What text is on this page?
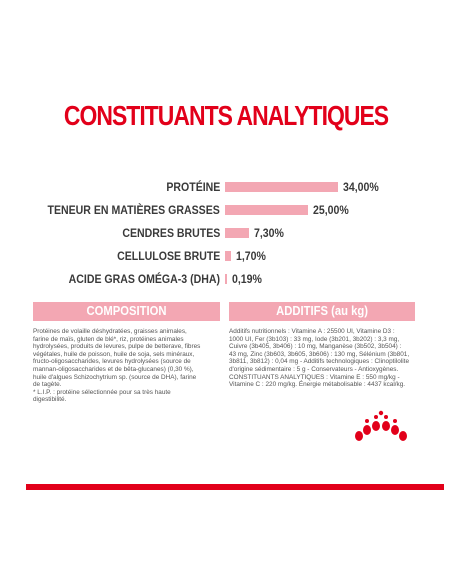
CONSTITUANTS ANALYTIQUES
PROTÉINE	34,00%
TENEUR EN MATIÈRES GRASSES	25,00%
CENDRES BRUTES	7,30%
CELLULOSE BRUTE 1,70%
ACIDE GRAS OMÉGA-3 (DHA) 0,19%
COMPOSITION	ADDITIFS (au kg)

Protéines de volaille déshydratées, graisses animales,

farine de maïs, gluten de blé*, riz, protéines animales

hydrolysées, produits de levures, pulpe de betterave, fibres

végétales, huile de poisson, huile de soja, sels minéraux,

fructo-oligosaccharides, levures hydrolysées (source de

mannan-oligosaccharides et de bêta-glucanes) (0,30 %),

huile d'algues Schizochytrium sp. (source de DHA), farine

de tagète.

* L.I.P. : protéine sélectionnée pour sa très haute

digestibilité.

Additifs nutritionnels : Vitamine A : 25500 UI, Vitamine D3 :

1000 UI, Fer (3b103) : 33 mg, Iode (3b201, 3b202) : 3,3 mg,

Cuivre (3b405, 3b406) : 10 mg, Manganèse (3b502, 3b504) :

43 mg, Zinc (3b603, 3b605, 3b606) : 130 mg, Sélénium (3b801,

3b811, 3b812) : 0,04 mg - Additifs technologiques : Clinoptilolite

d'origine sédimentaire : 5 g - Conservateurs - Antioxygènes.

CONSTITUANTS ANALYTIQUES : Vitamine E : 550 mg/kg -

Vitamine C : 220 mg/kg. Énergie métabolisable : 4437 kcal/kg.
